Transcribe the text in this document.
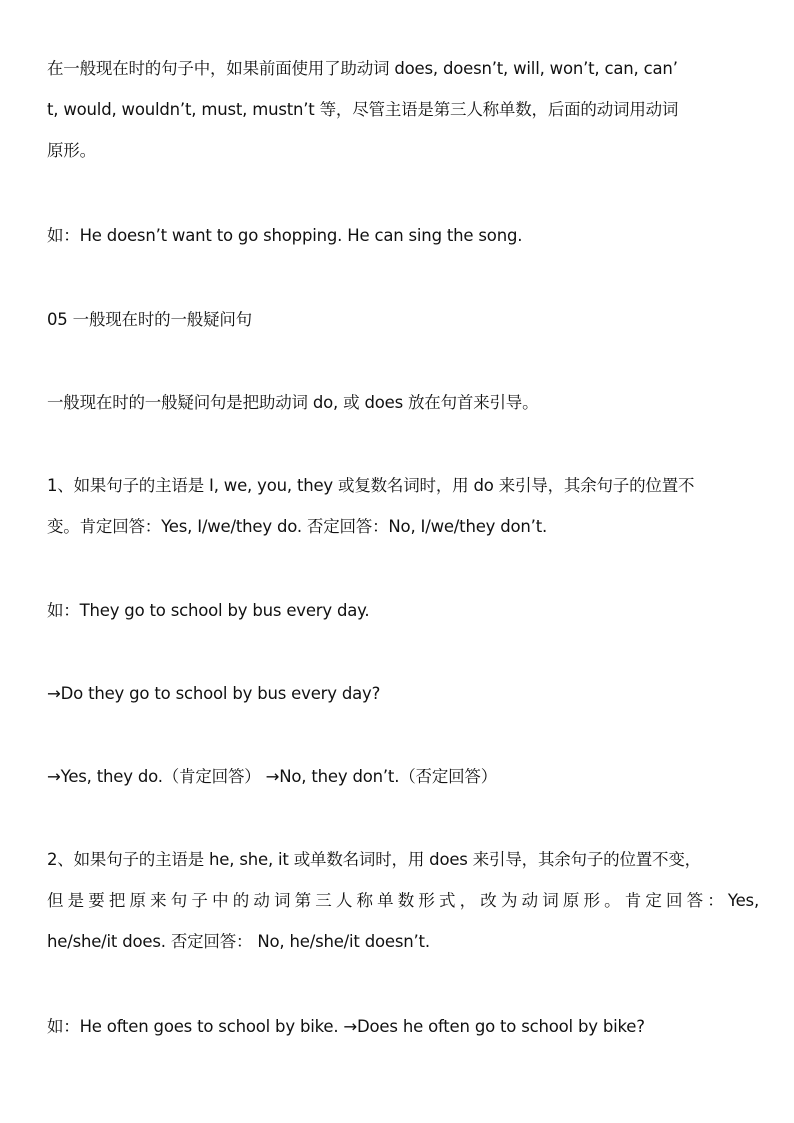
在一般现在时的句子中，如果前面使用了助动词 does, doesn’t, will, won’t, can, can’
t, would, wouldn’t, must, mustn’t 等，尽管主语是第三人称单数，后面的动词用动词
原形。
如：He doesn’t want to go shopping. He can sing the song.
05 一般现在时的一般疑问句
一般现在时的一般疑问句是把助动词 do, 或 does 放在句首来引导。
1、如果句子的主语是 I, we, you, they 或复数名词时，用 do 来引导，其余句子的位置不
变。肯定回答：Yes, I/we/they do. 否定回答：No, I/we/they don’t.
如：They go to school by bus every day.
→Do they go to school by bus every day?
→Yes, they do.（肯定回答） →No, they don’t.（否定回答）
2、如果句子的主语是 he, she, it 或单数名词时，用 does 来引导，其余句子的位置不变，
但是要把原来句子中的动词第三人称单数形式，改为动词原形。肯定回答：Yes,
he/she/it does. 否定回答： No, he/she/it doesn’t.
如：He often goes to school by bike. →Does he often go to school by bike?
